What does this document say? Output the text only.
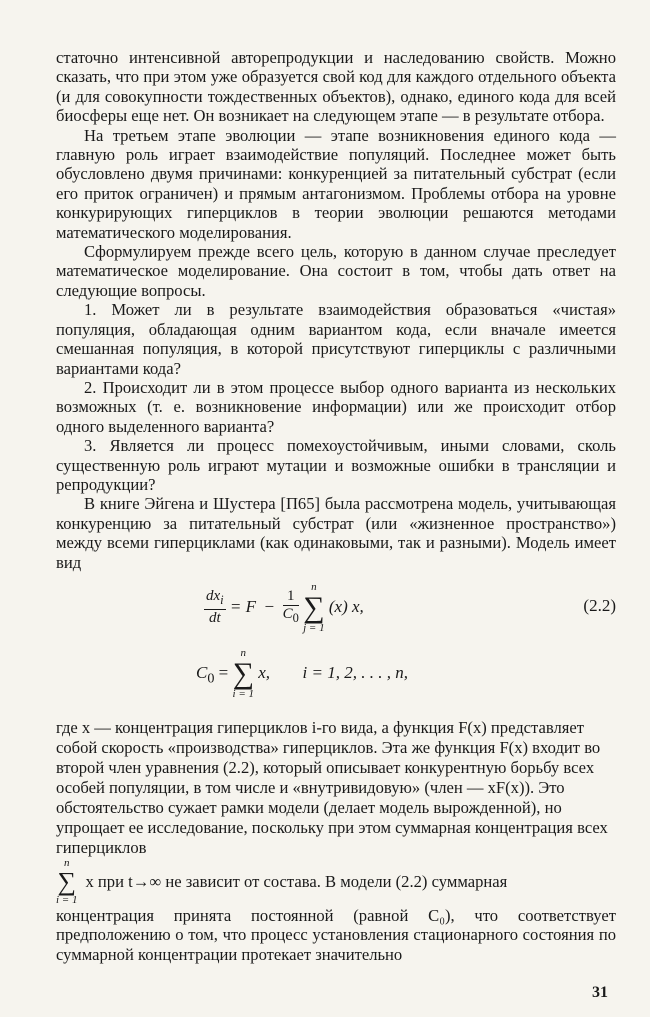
статочно интенсивной авторепродукции и наследованию свойств. Можно сказать, что при этом уже образуется свой код для каждого отдельного объекта (и для совокупности тождественных объектов), однако, единого кода для всей биосферы еще нет. Он возникает на следующем этапе — в результате отбора.

На третьем этапе эволюции — этапе возникновения единого кода — главную роль играет взаимодействие популяций. Последнее может быть обусловлено двумя причинами: конкуренцией за питательный субстрат (если его приток ограничен) и прямым антагонизмом. Проблемы отбора на уровне конкурирующих гиперциклов в теории эволюции решаются методами математического моделирования.

Сформулируем прежде всего цель, которую в данном случае преследует математическое моделирование. Она состоит в том, чтобы дать ответ на следующие вопросы.

1. Может ли в результате взаимодействия образоваться «чистая» популяция, обладающая одним вариантом кода, если вначале имеется смешанная популяция, в которой присутствуют гиперциклы с различными вариантами кода?

2. Происходит ли в этом процессе выбор одного варианта из нескольких возможных (т. е. возникновение информации) или же происходит отбор одного выделенного варианта?

3. Является ли процесс помехоустойчивым, иными словами, сколь существенную роль играют мутации и возможные ошибки в трансляции и репродукции?

В книге Эйгена и Шустера [П65] была рассмотрена модель, учитывающая конкуренцию за питательный субстрат (или «жизненное пространство») между всеми гиперциклами (как одинаковыми, так и разными). Модель имеет вид

$\frac{dx_i}{dt} = F - \frac{1}{C_0}$

n
∑
j = 1
(x) x,	(2.2)
$C_0$ =
n
∑
i = 1
x, i = 1, 2, . . . , n,

где x

— концентрация гиперциклов i-го вида, а функция F(x) представляет собой скорость «производства» гиперциклов. Эта же функция F(x) входит во второй член уравнения (2.2), который описывает конкурентную борьбу всех особей популяции, в том числе и «внутривидовую» (член — xF(x)). Это обстоятельство сужает рамки модели (делает модель вырожденной), но упрощает ее исследование, поскольку при этом суммарная концентрация всех гиперциклов

n
∑
i = 1
x при t→∞ не зависит от состава. В модели (2.2) суммарная

концентрация принята постоянной (равной C₀), что соответствует предположению о том, что процесс установления стационарного состояния по суммарной концентрации протекает значительно

31
